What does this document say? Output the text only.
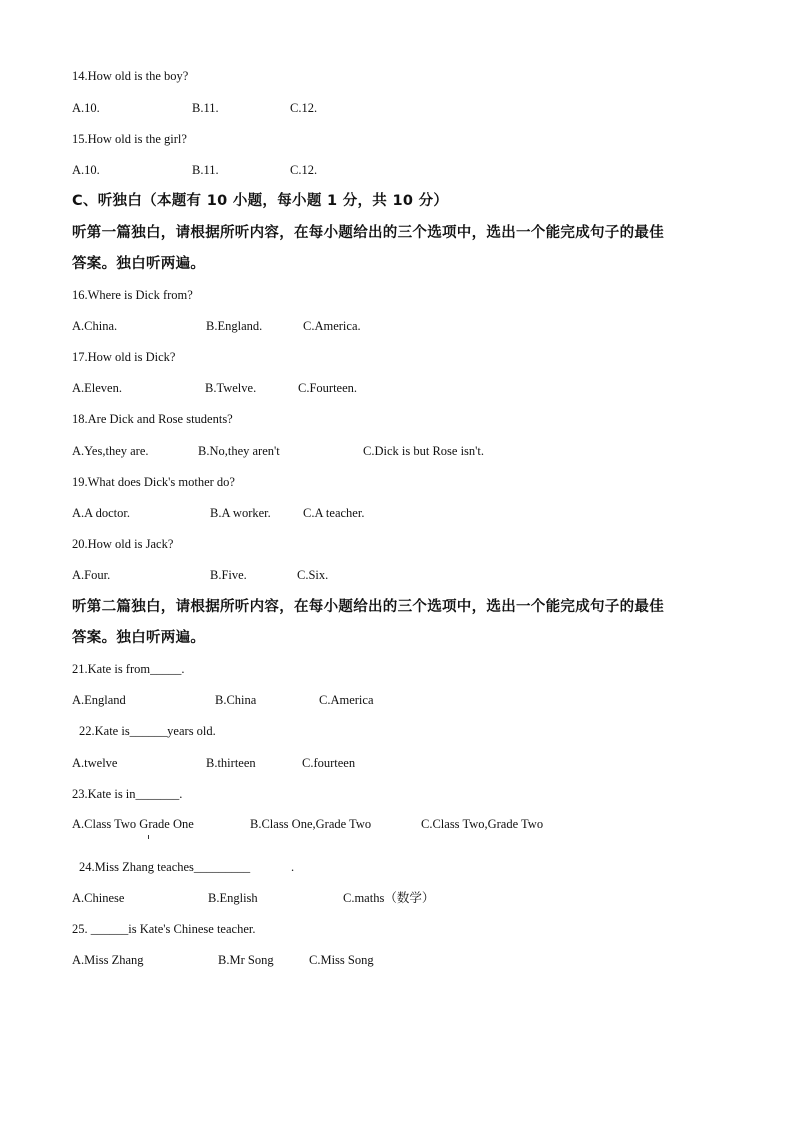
14.How old is the boy?
A.10.	B.11.	C.12.
15.How old is the girl?
A.10.	B.11.	C.12.
C、听独白（本题有 10 小题，每小题 1 分，共 10 分）
听第一篇独白，请根据所听内容，在每小题给出的三个选项中，选出一个能完成句子的最佳
答案。独白听两遍。
16.Where is Dick from?
A.China.	B.England.	C.America.
17.How old is Dick?
A.Eleven.	B.Twelve.	C.Fourteen.
18.Are Dick and Rose students?
A.Yes,they are.	B.No,they aren't	C.Dick is but Rose isn't.
19.What does Dick's mother do?
A.A doctor.	B.A worker.	C.A teacher.
20.How old is Jack?
A.Four.	B.Five.	C.Six.
听第二篇独白，请根据所听内容，在每小题给出的三个选项中，选出一个能完成句子的最佳
答案。独白听两遍。
21.Kate is from_____.
A.England	B.China	C.America
22.Kate is______years old.
A.twelve	B.thirteen	C.fourteen
23.Kate is in_______.
A.Class Two Grade One	B.Class One,Grade Two	C.Class Two,Grade Two
24.Miss Zhang teaches_________	.
A.Chinese	B.English	C.maths（数学）
25. ______is Kate's Chinese teacher.
A.Miss Zhang	B.Mr Song	C.Miss Song
